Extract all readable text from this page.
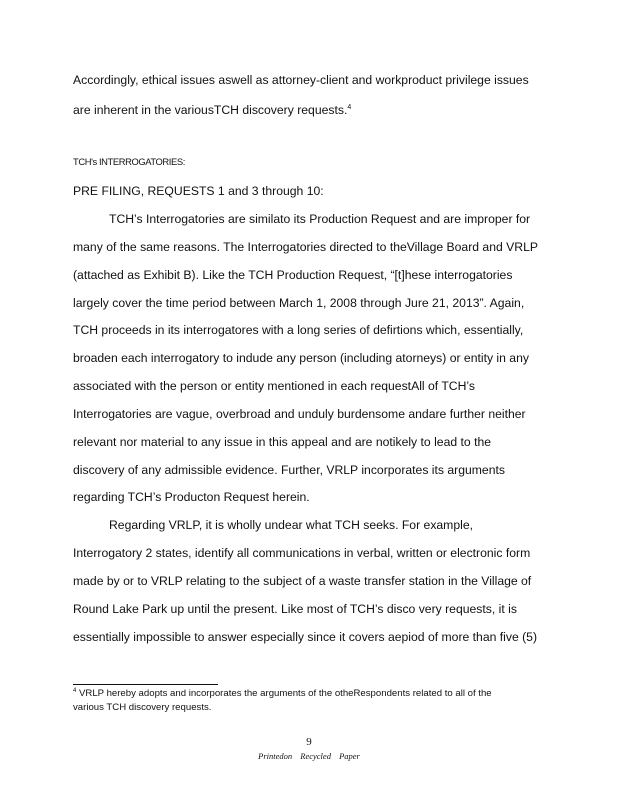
Accordingly, ethical issues aswell as attorney-client and workproduct privilege issues
are inherent in the variousTCH discovery requests.$^4$
TCH's INTERROGATORIES:
PRE FILING, REQUESTS 1 and 3 through 10:
TCH’s Interrogatories are similato its Production Request and are improper for
many of the same reasons. The Interrogatories directed to theVillage Board and VRLP
(attached as Exhibit B). Like the TCH Production Request, “[t]hese interrogatories
largely cover the time period between March 1, 2008 through Jure 21, 2013”. Again,
TCH proceeds in its interrogatores with a long series of defirtions which, essentially,
broaden each interrogatory to indude any person (including atorneys) or entity in any
associated with the person or entity mentioned in each requestAll of TCH’s
Interrogatories are vague, overbroad and unduly burdensome andare further neither
relevant nor material to any issue in this appeal and are notikely to lead to the
discovery of any admissible evidence. Further, VRLP incorporates its arguments
regarding TCH’s Producton Request herein.
Regarding VRLP, it is wholly undear what TCH seeks. For example,
Interrogatory 2 states, identify all communications in verbal, written or electronic form
made by or to VRLP relating to the subject of a waste transfer station in the Village of
Round Lake Park up until the present. Like most of TCH’s disco very requests, it is
essentially impossible to answer especially since it covers aepiod of more than five (5)
$^4$ VRLP hereby adopts and incorporates the arguments of the otheRespondents related to all of the
various TCH discovery requests.
9
Printedon Recycled Paper
